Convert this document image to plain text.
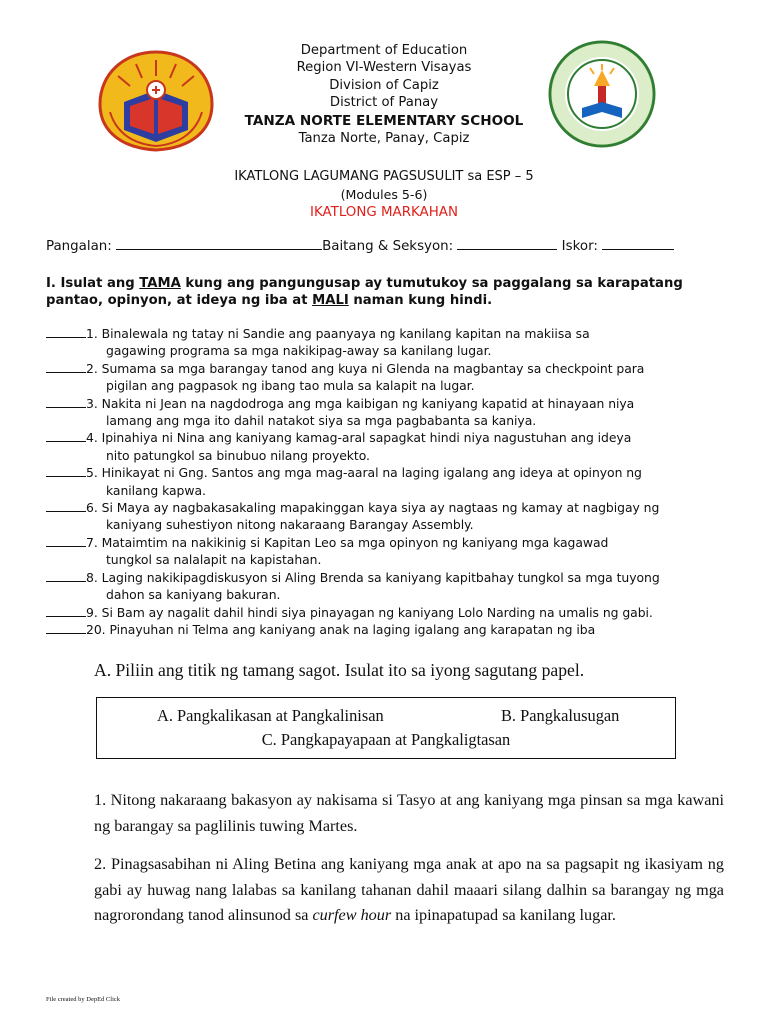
Department of Education
Region VI-Western Visayas
Division of Capiz
District of Panay
TANZA NORTE ELEMENTARY SCHOOL
Tanza Norte, Panay, Capiz
IKATLONG LAGUMANG PAGSUSULIT sa ESP – 5
(Modules 5-6)
IKATLONG MARKAHAN
Pangalan:	Baitang & Seksyon:	Iskor:
I. Isulat ang TAMA kung ang pangungusap ay tumutukoy sa paggalang sa karapatang pantao, opinyon, at ideya ng iba at MALI naman kung hindi.
1. Binalewala ng tatay ni Sandie ang paanyaya ng kanilang kapitan na makiisa sa
gagawing programa sa mga nakikipag-away sa kanilang lugar.
2. Sumama sa mga barangay tanod ang kuya ni Glenda na magbantay sa checkpoint para
pigilan ang pagpasok ng ibang tao mula sa kalapit na lugar.
3. Nakita ni Jean na nagdodroga ang mga kaibigan ng kaniyang kapatid at hinayaan niya
lamang ang mga ito dahil natakot siya sa mga pagbabanta sa kaniya.
4. Ipinahiya ni Nina ang kaniyang kamag-aral sapagkat hindi niya nagustuhan ang ideya
nito patungkol sa binubuo nilang proyekto.
5. Hinikayat ni Gng. Santos ang mga mag-aaral na laging igalang ang ideya at opinyon ng
kanilang kapwa.
6. Si Maya ay nagbakasakaling mapakinggan kaya siya ay nagtaas ng kamay at nagbigay ng
kaniyang suhestiyon nitong nakaraang Barangay Assembly.
7. Mataimtim na nakikinig si Kapitan Leo sa mga opinyon ng kaniyang mga kagawad
tungkol sa nalalapit na kapistahan.
8. Laging nakikipagdiskusyon si Aling Brenda sa kaniyang kapitbahay tungkol sa mga tuyong
dahon sa kaniyang bakuran.
9. Si Bam ay nagalit dahil hindi siya pinayagan ng kaniyang Lolo Narding na umalis ng gabi.
20. Pinayuhan ni Telma ang kaniyang anak na laging igalang ang karapatan ng iba
A. Piliin ang titik ng tamang sagot. Isulat ito sa iyong sagutang papel.
A. Pangkalikasan at Pangkalinisan	B. Pangkalusugan
C. Pangkapayapaan at Pangkaligtasan
1. Nitong nakaraang bakasyon ay nakisama si Tasyo at ang kaniyang mga pinsan sa mga kawani ng barangay sa paglilinis tuwing Martes.
2. Pinagsasabihan ni Aling Betina ang kaniyang mga anak at apo na sa pagsapit ng ikasiyam ng gabi ay huwag nang lalabas sa kanilang tahanan dahil maaari silang dalhin sa barangay ng mga nagrorondang tanod alinsunod sa curfew hour na ipinapatupad sa kanilang lugar.
File created by DepEd Click
